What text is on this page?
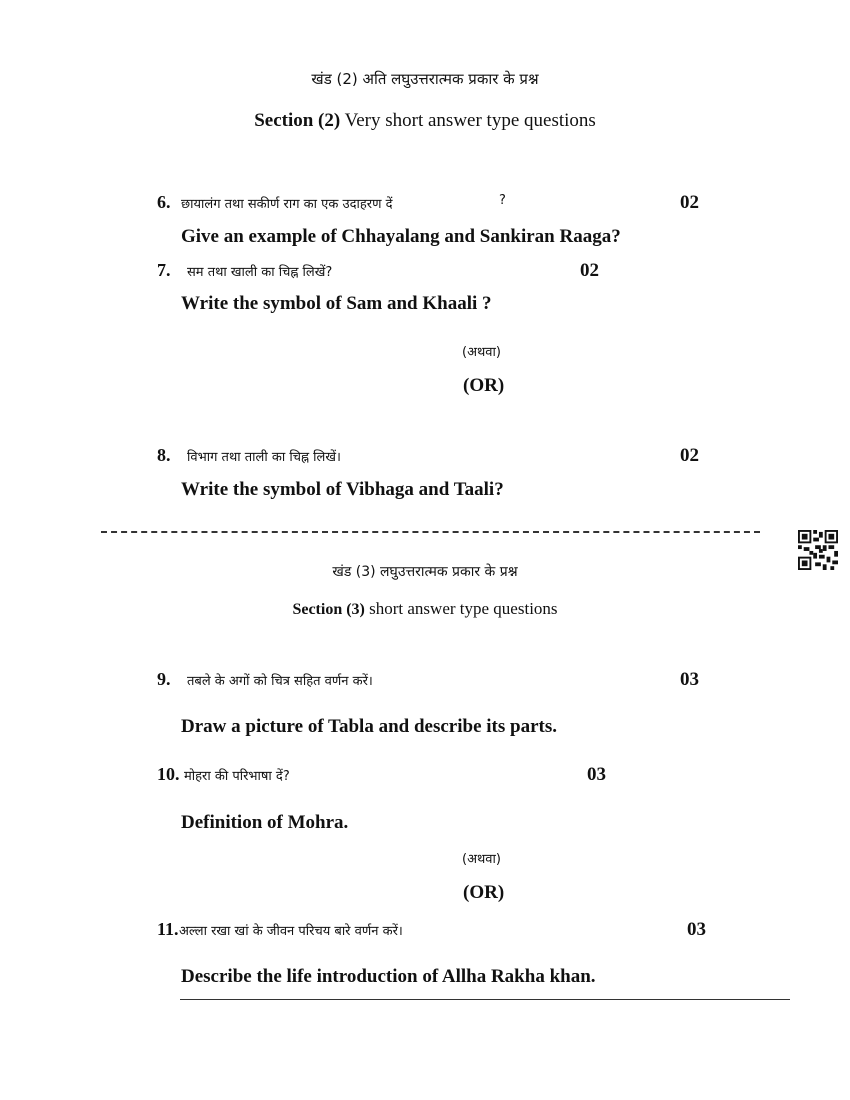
खंड (2) अति लघुउत्तरात्मक प्रकार के प्रश्न
Section (2) Very short answer type questions
6. छायालंग तथा सकीर्ण राग का एक उदाहरण दें	?	02
Give an example of Chhayalang and Sankiran Raaga?
7. सम तथा खाली का चिह्न लिखें?	02
Write the symbol of Sam and Khaali ?
(अथवा)
(OR)
8. विभाग तथा ताली का चिह्न लिखें।	02
Write the symbol of Vibhaga and Taali?
खंड (3) लघुउत्तरात्मक प्रकार के प्रश्न
Section (3) short answer type questions
9. तबले के अगों को चित्र सहित वर्णन करें।	03
Draw a picture of Tabla and describe its parts.
10. मोहरा की परिभाषा दें?	03
Definition of Mohra.
(अथवा)
(OR)
11. अल्ला रखा खां के जीवन परिचय बारे वर्णन करें।	03
Describe the life introduction of Allha Rakha khan.
